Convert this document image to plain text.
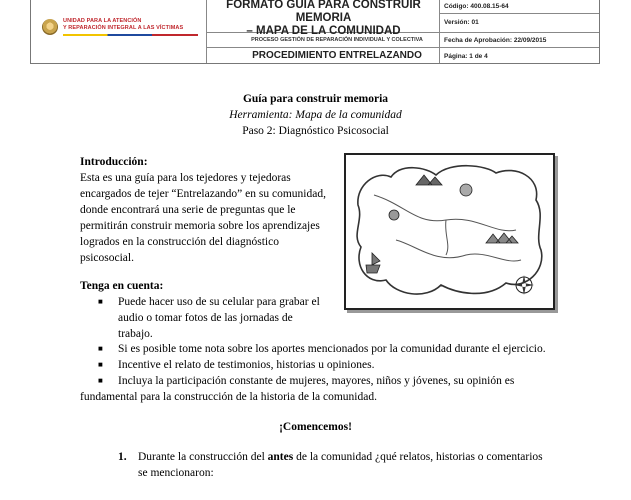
UNIDAD PARA LA ATENCIÓN
Y REPARACIÓN INTEGRAL A LAS VÍCTIMAS
FORMATO GUÍA PARA CONSTRUIR MEMORIA
– MAPA DE LA COMUNIDAD
PROCESO GESTIÓN DE REPARACIÓN INDIVIDUAL Y COLECTIVA
PROCEDIMIENTO ENTRELAZANDO
Código: 400.08.15-64
Versión: 01
Fecha de Aprobación: 22/09/2015
Página: 1 de 4
Guía para construir memoria
Herramienta: Mapa de la comunidad
Paso 2: Diagnóstico Psicosocial
Introducción:
Esta es una guía para los tejedores y tejedoras
encargados de tejer “Entrelazando” en su comunidad,
donde encontrará una serie de preguntas que le
permitirán construir memoria sobre los aprendizajes
logrados en la construcción del diagnóstico
psicosocial.
Tenga en cuenta:
■ Puede hacer uso de su celular para grabar el
audio o tomar fotos de las jornadas de
trabajo.
■ Si es posible tome nota sobre los aportes mencionados por la comunidad durante el ejercicio.
■ Incentive el relato de testimonios, historias u opiniones.
■ Incluya la participación constante de mujeres, mayores, niños y jóvenes, su opinión es
fundamental para la construcción de la historia de la comunidad.
¡Comencemos!
1. Durante la construcción del antes de la comunidad ¿qué relatos, historias o comentarios
se mencionaron:
